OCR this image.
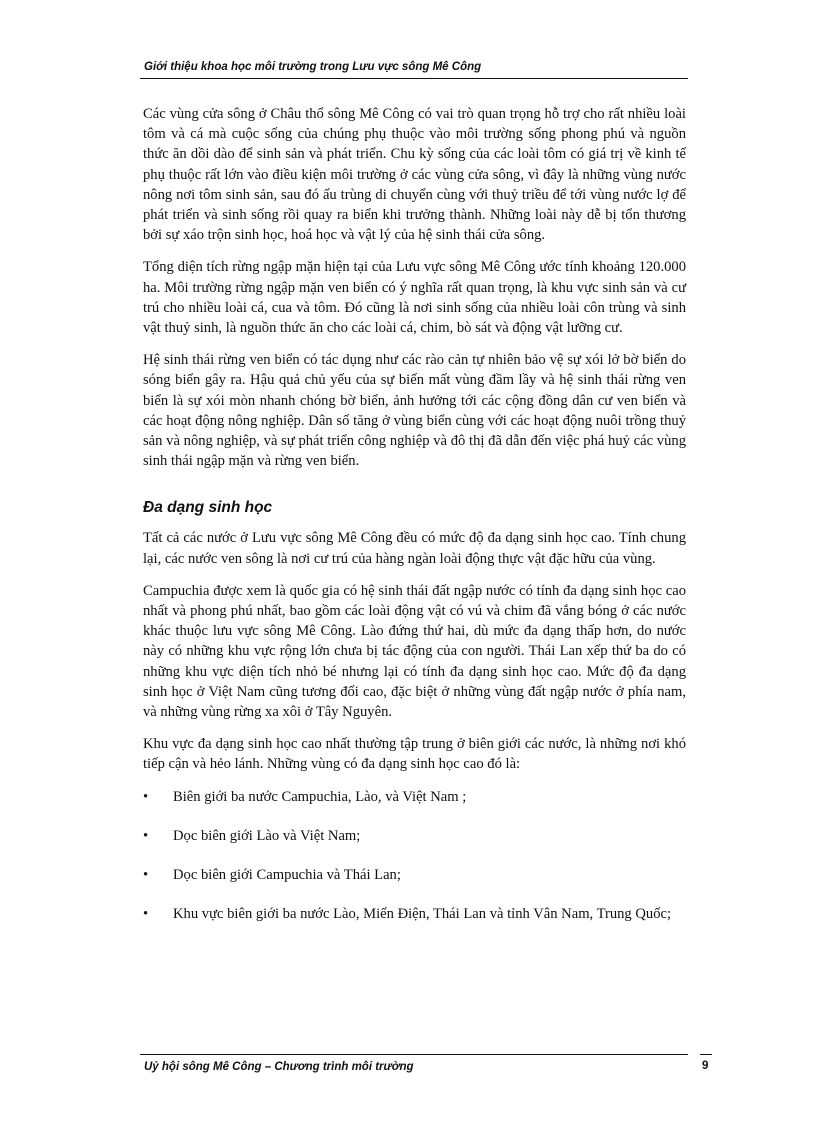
Giới thiệu khoa học môi trường trong Lưu vực sông Mê Công

Các vùng cửa sông ở Châu thổ sông Mê Công có vai trò quan trọng hỗ trợ cho rất nhiều loài tôm và cá mà cuộc sống của chúng phụ thuộc vào môi trường sống phong phú và nguồn thức ăn dồi dào để sinh sản và phát triển. Chu kỳ sống của các loài tôm có giá trị về kinh tế phụ thuộc rất lớn vào điều kiện môi trường ở các vùng cửa sông, vì đây là những vùng nước nông nơi tôm sinh sản, sau đó ấu trùng di chuyển cùng với thuỷ triều để tới vùng nước lợ để phát triển và sinh sống rồi quay ra biển khi trưởng thành. Những loài này dễ bị tổn thương bởi sự xáo trộn sinh học, hoá học và vật lý của hệ sinh thái cửa sông.

Tổng diện tích rừng ngập mặn hiện tại của Lưu vực sông Mê Công ước tính khoảng 120.000 ha. Môi trường rừng ngập mặn ven biển có ý nghĩa rất quan trọng, là khu vực sinh sản và cư trú cho nhiều loài cá, cua và tôm. Đó cũng là nơi sinh sống của nhiều loài côn trùng và sinh vật thuỷ sinh, là nguồn thức ăn cho các loài cá, chim, bò sát và động vật lưỡng cư.

Hệ sinh thái rừng ven biển có tác dụng như các rào cản tự nhiên bảo vệ sự xói lở bờ biển do sóng biển gây ra. Hậu quả chủ yếu của sự biến mất vùng đầm lầy và hệ sinh thái rừng ven biển là sự xói mòn nhanh chóng bờ biển, ảnh hưởng tới các cộng đồng dân cư ven biển và các hoạt động nông nghiệp. Dân số tăng ở vùng biển cùng với các hoạt động nuôi trồng thuỷ sản và nông nghiệp, và sự phát triển công nghiệp và đô thị đã dẫn đến việc phá huỷ các vùng sinh thái ngập mặn và rừng ven biển.

Đa dạng sinh học

Tất cả các nước ở Lưu vực sông Mê Công đều có mức độ đa dạng sinh học cao. Tính chung lại, các nước ven sông là nơi cư trú của hàng ngàn loài động thực vật đặc hữu của vùng.

Campuchia được xem là quốc gia có hệ sinh thái đất ngập nước có tính đa dạng sinh học cao nhất và phong phú nhất, bao gồm các loài động vật có vú và chim đã vắng bóng ở các nước khác thuộc lưu vực sông Mê Công. Lào đứng thứ hai, dù mức đa dạng thấp hơn, do nước này có những khu vực rộng lớn chưa bị tác động của con người. Thái Lan xếp thứ ba do có những khu vực diện tích nhỏ bé nhưng lại có tính đa dạng sinh học cao. Mức độ đa dạng sinh học ở Việt Nam cũng tương đối cao, đặc biệt ở những vùng đất ngập nước ở phía nam, và những vùng rừng xa xôi ở Tây Nguyên.

Khu vực đa dạng sinh học cao nhất thường tập trung ở biên giới các nước, là những nơi khó tiếp cận và hẻo lánh. Những vùng có đa dạng sinh học cao đó là:

•	Biên giới ba nước Campuchia, Lào, và Việt Nam ;
•	Dọc biên giới Lào và Việt Nam;
•	Dọc biên giới Campuchia và Thái Lan;
•	Khu vực biên giới ba nước Lào, Miến Điện, Thái Lan và tỉnh Vân Nam, Trung Quốc;
Uỷ hội sông Mê Công – Chương trình môi trường	9
